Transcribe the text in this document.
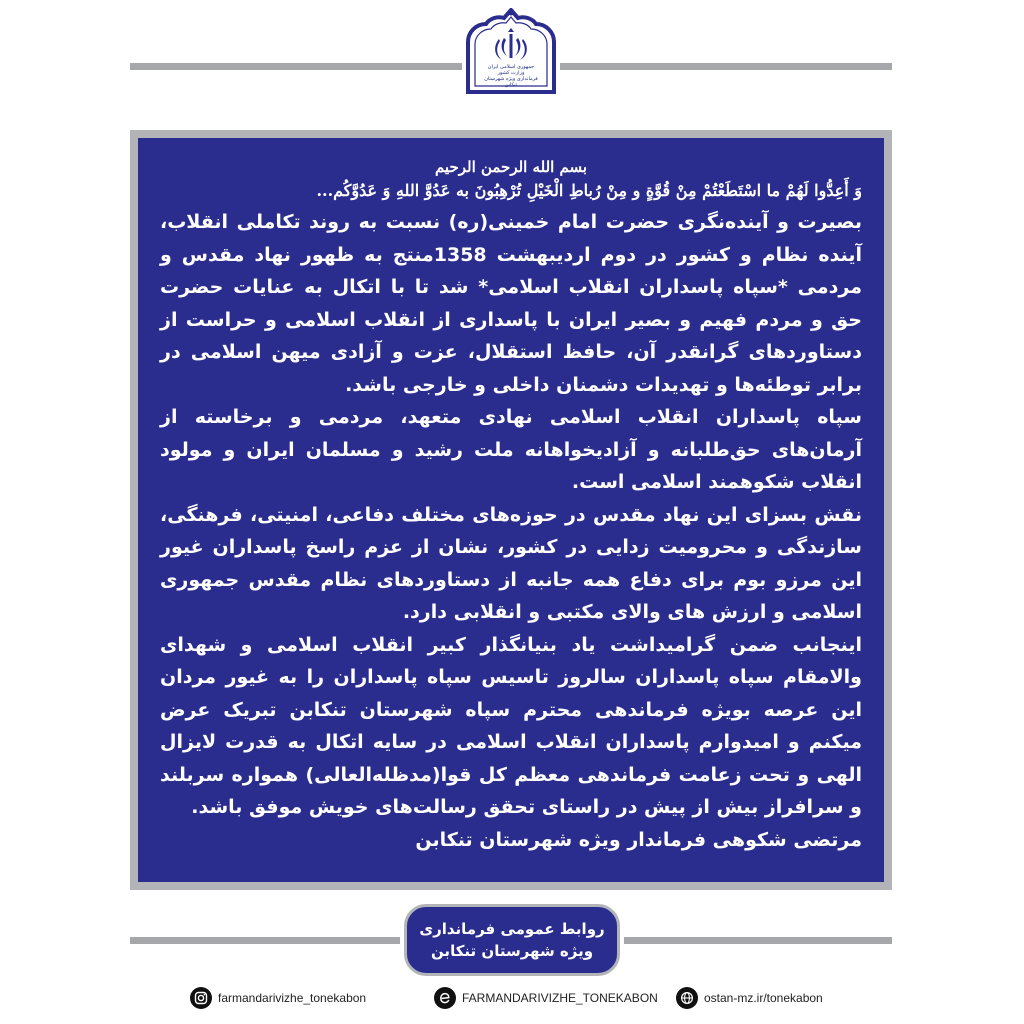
جمهوری اسلامی ایران
وزارت کشور
فرمانداری ویژه شهرستان تنکابن
بسم الله الرحمن الرحیم
وَ أَعِدُّوا لَهُمْ ما اسْتَطَعْتُمْ مِنْ قُوَّةٍ و مِنْ رُباطِ الْخَيْلِ تُرْهِبُونَ به عَدُوَّ اللهِ وَ عَدُوَّکُم...

بصیرت و آینده‌نگری حضرت امام خمینی(ره) نسبت به روند تکاملی انقلاب، آینده نظام و کشور در دوم اردیبهشت 1358منتج به ظهور نهاد مقدس و مردمی *سپاه پاسداران انقلاب اسلامی* شد تا با اتکال به عنایات حضرت حق و مردم فهیم و بصیر ایران با پاسداری از انقلاب اسلامی و حراست از دستاوردهای گرانقدر آن، حافظ استقلال، عزت و آزادی میهن اسلامی در برابر توطئه‌ها و تهدیدات دشمنان داخلی و خارجی باشد.

سپاه پاسداران انقلاب اسلامی نهادی متعهد، مردمی و برخاسته از آرمان‌های حق‌طلبانه و آزادیخواهانه ملت رشید و مسلمان ایران و مولود انقلاب شکوهمند اسلامی است.

نقش بسزای این نهاد مقدس در حوزه‌های مختلف دفاعی، امنیتی، فرهنگی، سازندگی و محرومیت زدایی در کشور، نشان از عزم راسخ پاسداران غیور این مرزو بوم برای دفاع همه جانبه از دستاوردهای نظام مقدس جمهوری اسلامی و ارزش های والای مکتبی و انقلابی دارد.

اینجانب ضمن گرامیداشت یاد بنیانگذار کبیر انقلاب اسلامی و شهدای والامقام سپاه پاسداران سالروز تاسیس سپاه پاسداران را به غیور مردان این عرصه بویژه فرماندهی محترم سپاه شهرستان تنکابن تبریک عرض میکنم و امیدوارم پاسداران انقلاب اسلامی در سایه اتکال به قدرت لایزال الهی و تحت زعامت فرماندهی معظم کل قوا(مدظله‌العالی) همواره سربلند و سرافراز بیش از پیش در راستای تحقق رسالت‌های خویش موفق باشد.

مرتضی شکوهی فرماندار ویژه شهرستان تنکابن
روابط عمومی فرمانداری
ویژه شهرستان تنکابن
farmandarivizhe_tonekabon	FARMANDARIVIZHE_TONEKABON	ostan-mz.ir/tonekabon
